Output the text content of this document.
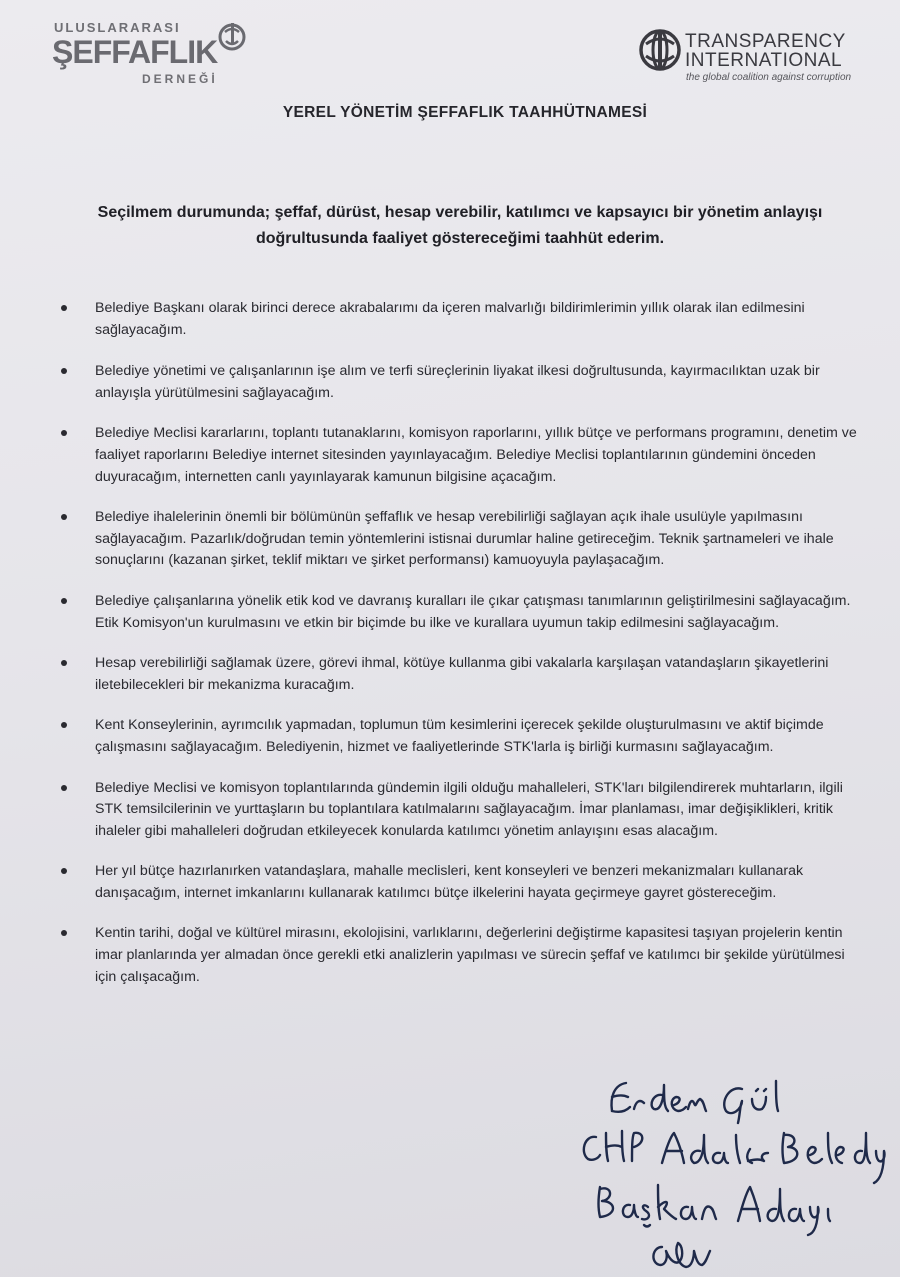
ULUSLARARASI
ŞEFFAFLIK
DERNEĞİ
TRANSPARENCY
INTERNATIONAL
the global coalition against corruption
YEREL YÖNETİM ŞEFFAFLIK TAAHHÜTNAMESİ
Seçilmem durumunda; şeffaf, dürüst, hesap verebilir, katılımcı ve kapsayıcı bir yönetim anlayışı
doğrultusunda faaliyet göstereceğimi taahhüt ederim.
Belediye Başkanı olarak birinci derece akrabalarımı da içeren malvarlığı bildirimlerimin yıllık olarak ilan edilmesini sağlayacağım.
Belediye yönetimi ve çalışanlarının işe alım ve terfi süreçlerinin liyakat ilkesi doğrultusunda, kayırmacılıktan uzak bir anlayışla yürütülmesini sağlayacağım.
Belediye Meclisi kararlarını, toplantı tutanaklarını, komisyon raporlarını, yıllık bütçe ve performans programını, denetim ve faaliyet raporlarını Belediye internet sitesinden yayınlayacağım. Belediye Meclisi toplantılarının gündemini önceden duyuracağım, internetten canlı yayınlayarak kamunun bilgisine açacağım.
Belediye ihalelerinin önemli bir bölümünün şeffaflık ve hesap verebilirliği sağlayan açık ihale usulüyle yapılmasını sağlayacağım. Pazarlık/doğrudan temin yöntemlerini istisnai durumlar haline getireceğim. Teknik şartnameleri ve ihale sonuçlarını (kazanan şirket, teklif miktarı ve şirket performansı) kamuoyuyla paylaşacağım.
Belediye çalışanlarına yönelik etik kod ve davranış kuralları ile çıkar çatışması tanımlarının geliştirilmesini sağlayacağım. Etik Komisyon'un kurulmasını ve etkin bir biçimde bu ilke ve kurallara uyumun takip edilmesini sağlayacağım.
Hesap verebilirliği sağlamak üzere, görevi ihmal, kötüye kullanma gibi vakalarla karşılaşan vatandaşların şikayetlerini iletebilecekleri bir mekanizma kuracağım.
Kent Konseylerinin, ayrımcılık yapmadan, toplumun tüm kesimlerini içerecek şekilde oluşturulmasını ve aktif biçimde çalışmasını sağlayacağım. Belediyenin, hizmet ve faaliyetlerinde STK'larla iş birliği kurmasını sağlayacağım.
Belediye Meclisi ve komisyon toplantılarında gündemin ilgili olduğu mahalleleri, STK'ları bilgilendirerek muhtarların, ilgili STK temsilcilerinin ve yurttaşların bu toplantılara katılmalarını sağlayacağım. İmar planlaması, imar değişiklikleri, kritik ihaleler gibi mahalleleri doğrudan etkileyecek konularda katılımcı yönetim anlayışını esas alacağım.
Her yıl bütçe hazırlanırken vatandaşlara, mahalle meclisleri, kent konseyleri ve benzeri mekanizmaları kullanarak danışacağım, internet imkanlarını kullanarak katılımcı bütçe ilkelerini hayata geçirmeye gayret göstereceğim.
Kentin tarihi, doğal ve kültürel mirasını, ekolojisini, varlıklarını, değerlerini değiştirme kapasitesi taşıyan projelerin kentin imar planlarında yer almadan önce gerekli etki analizlerin yapılması ve sürecin şeffaf ve katılımcı bir şekilde yürütülmesi için çalışacağım.
Erdem Gül
